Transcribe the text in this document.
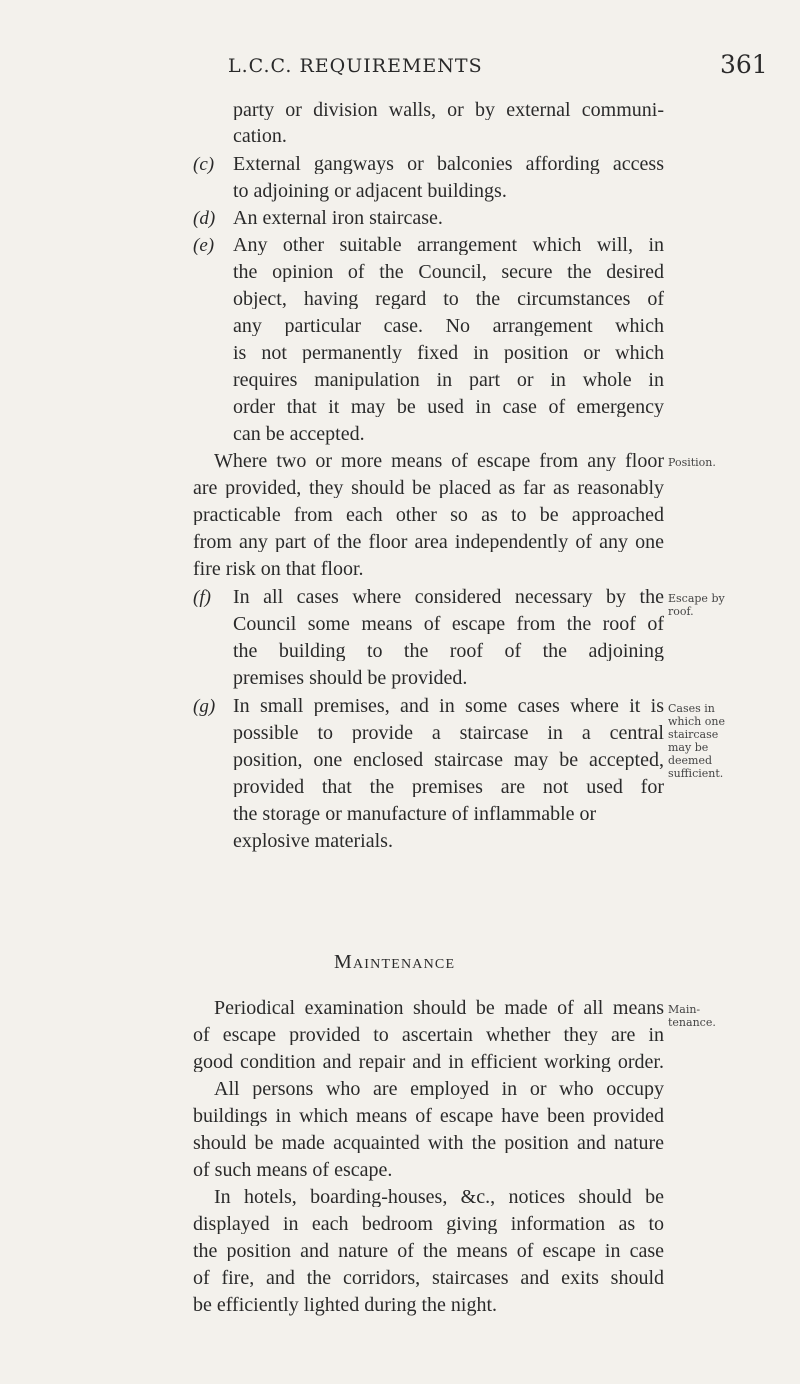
L.C.C. REQUIREMENTS	361
party or division walls, or by external communi-
cation.
(c) External gangways or balconies affording access
to adjoining or adjacent buildings.
(d) An external iron staircase.
(e) Any other suitable arrangement which will, in
the opinion of the Council, secure the desired
object, having regard to the circumstances of
any particular case. No arrangement which
is not permanently fixed in position or which
requires manipulation in part or in whole in
order that it may be used in case of emergency
can be accepted.
Where two or more means of escape from any floor
are provided, they should be placed as far as reasonably
practicable from each other so as to be approached
from any part of the floor area independently of any one
fire risk on that floor.
(f) In all cases where considered necessary by the
Council some means of escape from the roof of
the building to the roof of the adjoining
premises should be provided.
(g) In small premises, and in some cases where it is
possible to provide a staircase in a central
position, one enclosed staircase may be accepted,
provided that the premises are not used for
the storage or manufacture of inflammable or
explosive materials.
Maintenance
Periodical examination should be made of all means
of escape provided to ascertain whether they are in
good condition and repair and in efficient working order.
All persons who are employed in or who occupy
buildings in which means of escape have been provided
should be made acquainted with the position and nature
of such means of escape.
In hotels, boarding-houses, &c., notices should be
displayed in each bedroom giving information as to
the position and nature of the means of escape in case
of fire, and the corridors, staircases and exits should
be efficiently lighted during the night.
Position.
Escape by
roof.
Cases in
which one
staircase
may be
deemed
sufficient.
Main-
tenance.
